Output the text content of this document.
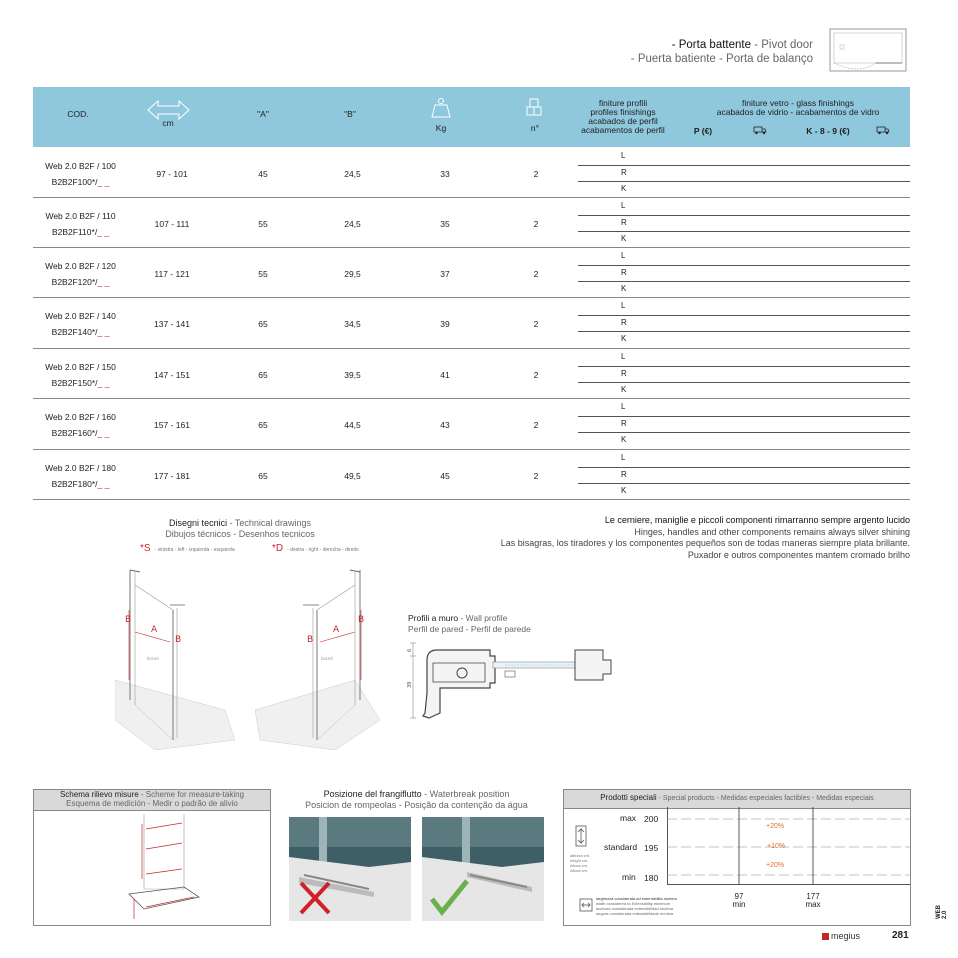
- Porta battente - Pivot door
- Puerta batiente - Porta de balanço
COD.
cm
"A"	"B"
Kg	n°
finiture profili
profiles finishings
acabados de perfil
acabamentos de perfil
finiture vetro - glass finishings
acabados de vidrio - acabamentos de vidro
P (€)	K - 8 - 9 (€)
Web 2.0 B2F / 100
B2B2F100*/_ _
97 - 101	45	24,5	33	2
L
R
K
Web 2.0 B2F / 110
B2B2F110*/_ _
107 - 111	55	24,5	35	2
L
R
K
Web 2.0 B2F / 120
B2B2F120*/_ _
117 - 121	55	29,5	37	2
L
R
K
Web 2.0 B2F / 140
B2B2F140*/_ _
137 - 141	65	34,5	39	2
L
R
K
Web 2.0 B2F / 150
B2B2F150*/_ _
147 - 151	65	39,5	41	2
L
R
K
Web 2.0 B2F / 160
B2B2F160*/_ _
157 - 161	65	44,5	43	2
L
R
K
Web 2.0 B2F / 180
B2B2F180*/_ _
177 - 181	65	49,5	45	2
L
R
K
Disegni tecnici - Technical drawings
Dibujos técnicos - Desenhos tecnicos
*S - sinistra - left - izquierda - esquerda	*D - destra - right - derecha - direito
brand
B
A
B
brand
B
A
B
Le cerniere, maniglie e piccoli componenti rimarranno sempre argento lucido
Hinges, handles and other components remains always silver shining
Las bisagras, los tiradores y los componentes pequeños son de todas maneras siempre plata brillante.
Puxador e outros componentes mantem cromado brilho
Profili a muro - Wall profile
Perfil de pared - Perfil de parede
6
39
Schema rilievo misure - Scheme for measure-taking
Esquema de medición - Medir o padrão de alivio
Posizione del frangiflutto - Waterbreak position
Posicion de rompeolas - Posição da contenção da água
Prodotti speciali - Special products - Medidas especiales factibles - Medidas especiais
altezza cm.
height cm.
Altura cm.
Altura cm.
max 200
standard 195
min 180
+20%
+10%
+20%
97
min
177
max
larghezza considerata ad estensibilità minima
width considered to Extensibility minimum
anchura considerada extensibilidad mínima
largura considerada extensibilidade mínima
megius	281
WEB 2.0
